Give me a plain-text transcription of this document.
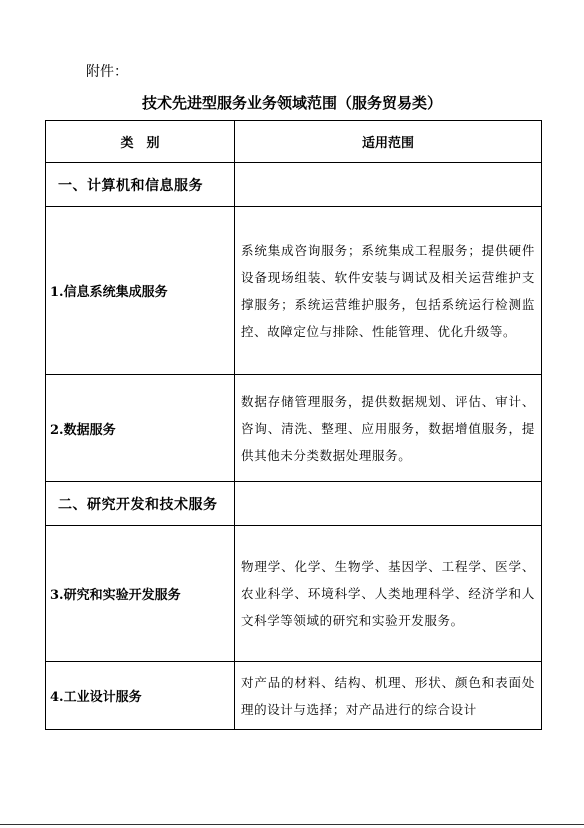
附件：
技术先进型服务业务领域范围（服务贸易类）
类　别	适用范围
一、计算机和信息服务	
1.信息系统集成服务	系统集成咨询服务；系统集成工程服务；提供硬件设备现场组装、软件安装与调试及相关运营维护支撑服务；系统运营维护服务，包括系统运行检测监控、故障定位与排除、性能管理、优化升级等。
2.数据服务	数据存储管理服务，提供数据规划、评估、审计、咨询、清洗、整理、应用服务，数据增值服务，提供其他未分类数据处理服务。
二、研究开发和技术服务	
3.研究和实验开发服务	物理学、化学、生物学、基因学、工程学、医学、农业科学、环境科学、人类地理科学、经济学和人文科学等领域的研究和实验开发服务。
4.工业设计服务	对产品的材料、结构、机理、形状、颜色和表面处理的设计与选择；对产品进行的综合设计
